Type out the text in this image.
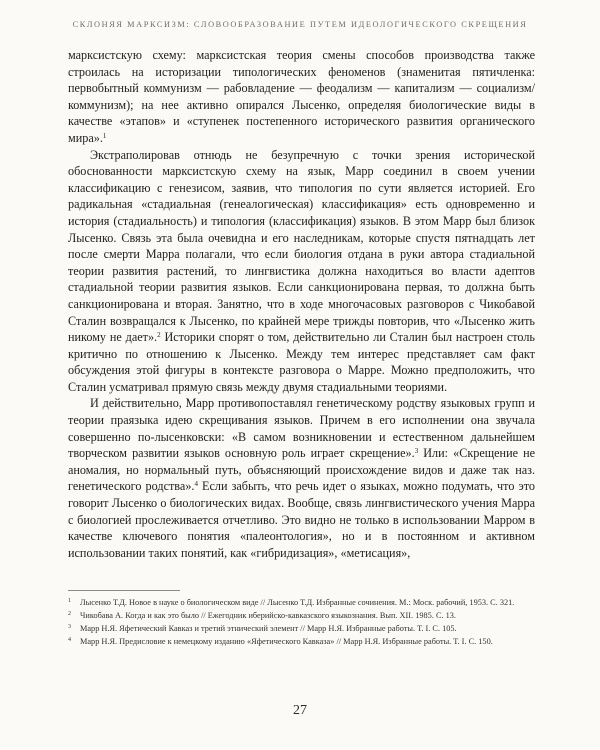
СКЛОНЯЯ МАРКСИЗМ: СЛОВООБРАЗОВАНИЕ ПУТЕМ ИДЕОЛОГИЧЕСКОГО СКРЕЩЕНИЯ

марксистскую схему: марксистская теория смены способов производства также строилась на историзации типологических феноменов (знаменитая пятичленка: первобытный коммунизм — рабовладение — феодализм — капитализм — социализм/коммунизм); на нее активно опирался Лысенко, определяя биологические виды в качестве «этапов» и «ступенек постепенного исторического развития органического мира».$^1$

Экстраполировав отнюдь не безупречную с точки зрения исторической обоснованности марксистскую схему на язык, Марр соединил в своем учении классификацию с генезисом, заявив, что типология по сути является историей. Его радикальная «стадиальная (генеалогическая) классификация» есть одновременно и история (стадиальность) и типология (классификация) языков. В этом Марр был близок Лысенко. Связь эта была очевидна и его наследникам, которые спустя пятнадцать лет после смерти Марра полагали, что если биология отдана в руки автора стадиальной теории развития растений, то лингвистика должна находиться во власти адептов стадиальной теории развития языков. Если санкционирована первая, то должна быть санкционирована и вторая. Занятно, что в ходе многочасовых разговоров с Чикобавой Сталин возвращался к Лысенко, по крайней мере трижды повторив, что «Лысенко жить никому не дает».$^2$ Историки спорят о том, действительно ли Сталин был настроен столь критично по отношению к Лысенко. Между тем интерес представляет сам факт обсуждения этой фигуры в контексте разговора о Марре. Можно предположить, что Сталин усматривал прямую связь между двумя стадиальными теориями.

И действительно, Марр противопоставлял генетическому родству языковых групп и теории праязыка идею скрещивания языков. Причем в его исполнении она звучала совершенно по-лысенковски: «В самом возникновении и естественном дальнейшем творческом развитии языков основную роль играет скрещение».$^3$ Или: «Скрещение не аномалия, но нормальный путь, объясняющий происхождение видов и даже так наз. генетического родства».$^4$ Если забыть, что речь идет о языках, можно подумать, что это говорит Лысенко о биологических видах. Вообще, связь лингвистического учения Марра с биологией прослеживается отчетливо. Это видно не только в использовании Марром в качестве ключевого понятия «палеонтология», но и в постоянном и активном использовании таких понятий, как «гибридизация», «метисация»,

1 Лысенко Т.Д. Новое в науке о биологическом виде // Лысенко Т.Д. Избранные сочинения. М.: Моск. рабочий, 1953. С. 321.
2 Чикобава А. Когда и как это было // Ежегодник иберийско-кавказского языкознания. Вып. XII. 1985. С. 13.
3 Марр Н.Я. Яфетический Кавказ и третий этнический элемент // Марр Н.Я. Избранные работы. Т. I. С. 105.
4 Марр Н.Я. Предисловие к немецкому изданию «Яфетического Кавказа» // Марр Н.Я. Избранные работы. Т. I. С. 150.
27
